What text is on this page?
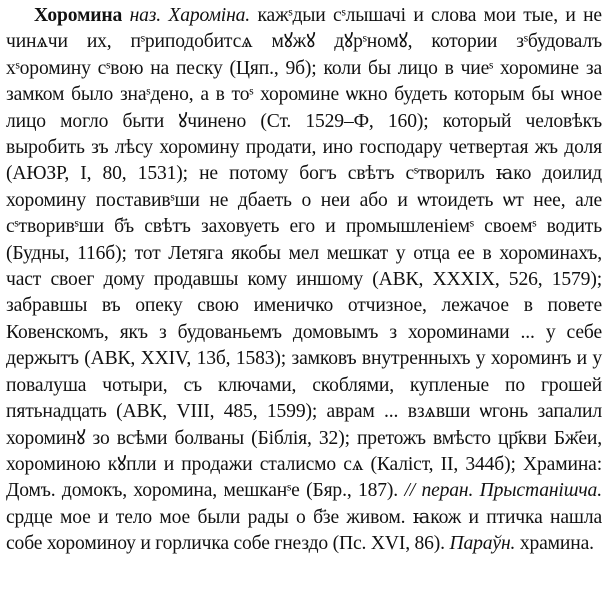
Хоромина наз. Хароміна. кажˢдыи сˢлышачі и слова мои тые, и не чинѧчи их, пˢриподобитсѧ мꙋжꙋ дꙋрˢномꙋ, котории зˢбудовалъ хˢоромину сˢвою на песку (Цяп., 9б); коли бы лицо в чиеˢ хоромине за замком было знаˢдено, а в тоˢ хоромине ѡкно будеть которым бы ѡное лицо могло быти ꙋчинено (Ст. 1529–Ф, 160); который человѣкъ выробить зъ лѣсу хоромину продати, ино господару четвертая жъ доля (АЮЗР, I, 80, 1531); не потому богъ свѣтъ сˢтворилъ ꙗко доилид хоромину поставивˢши не дбаеть о неи або и ѡтоидеть ѡт нее, але сˢтворивˢши б҃ъ свѣтъ заховуеть его и промышленіемˢ своемˢ водить (Будны, 116б); тот Летяга якобы мел мешкат у отца ее в хороминахъ, част своег дому продавшы кому иншому (АВК, XXXIX, 526, 1579); забравшы въ опеку свою именичко отчизное, лежачое в повете Ковенскомъ, якъ з будованьемъ домовымъ з хороминами ... у себе держытъ (АВК, XXIV, 13б, 1583); замковъ внутренныхъ у хороминъ и у повалуша чотыри, съ ключами, скоблями, купленые по грошей пятьнадцать (АВК, VIII, 485, 1599); аврам ... взѧвши ѡгонь запалил хороминꙋ зо всѣми болваны (Біблія, 32); претожъ вмѣсто цр҃кви Бж҃еи, хороминою кꙋпли и продажи сталисмо сѧ (Каліст, II, 344б); Храмина: Домъ. домокъ, хоромина, мешканˢе (Бяр., 187). // перан. Прыстанішча. срдце мое и тело мое были рады о б҃зе живом. ꙗкож и птичка нашла собе хороминоу и горличка собе гнездо (Пс. XVI, 86). Параўн. храмина.
